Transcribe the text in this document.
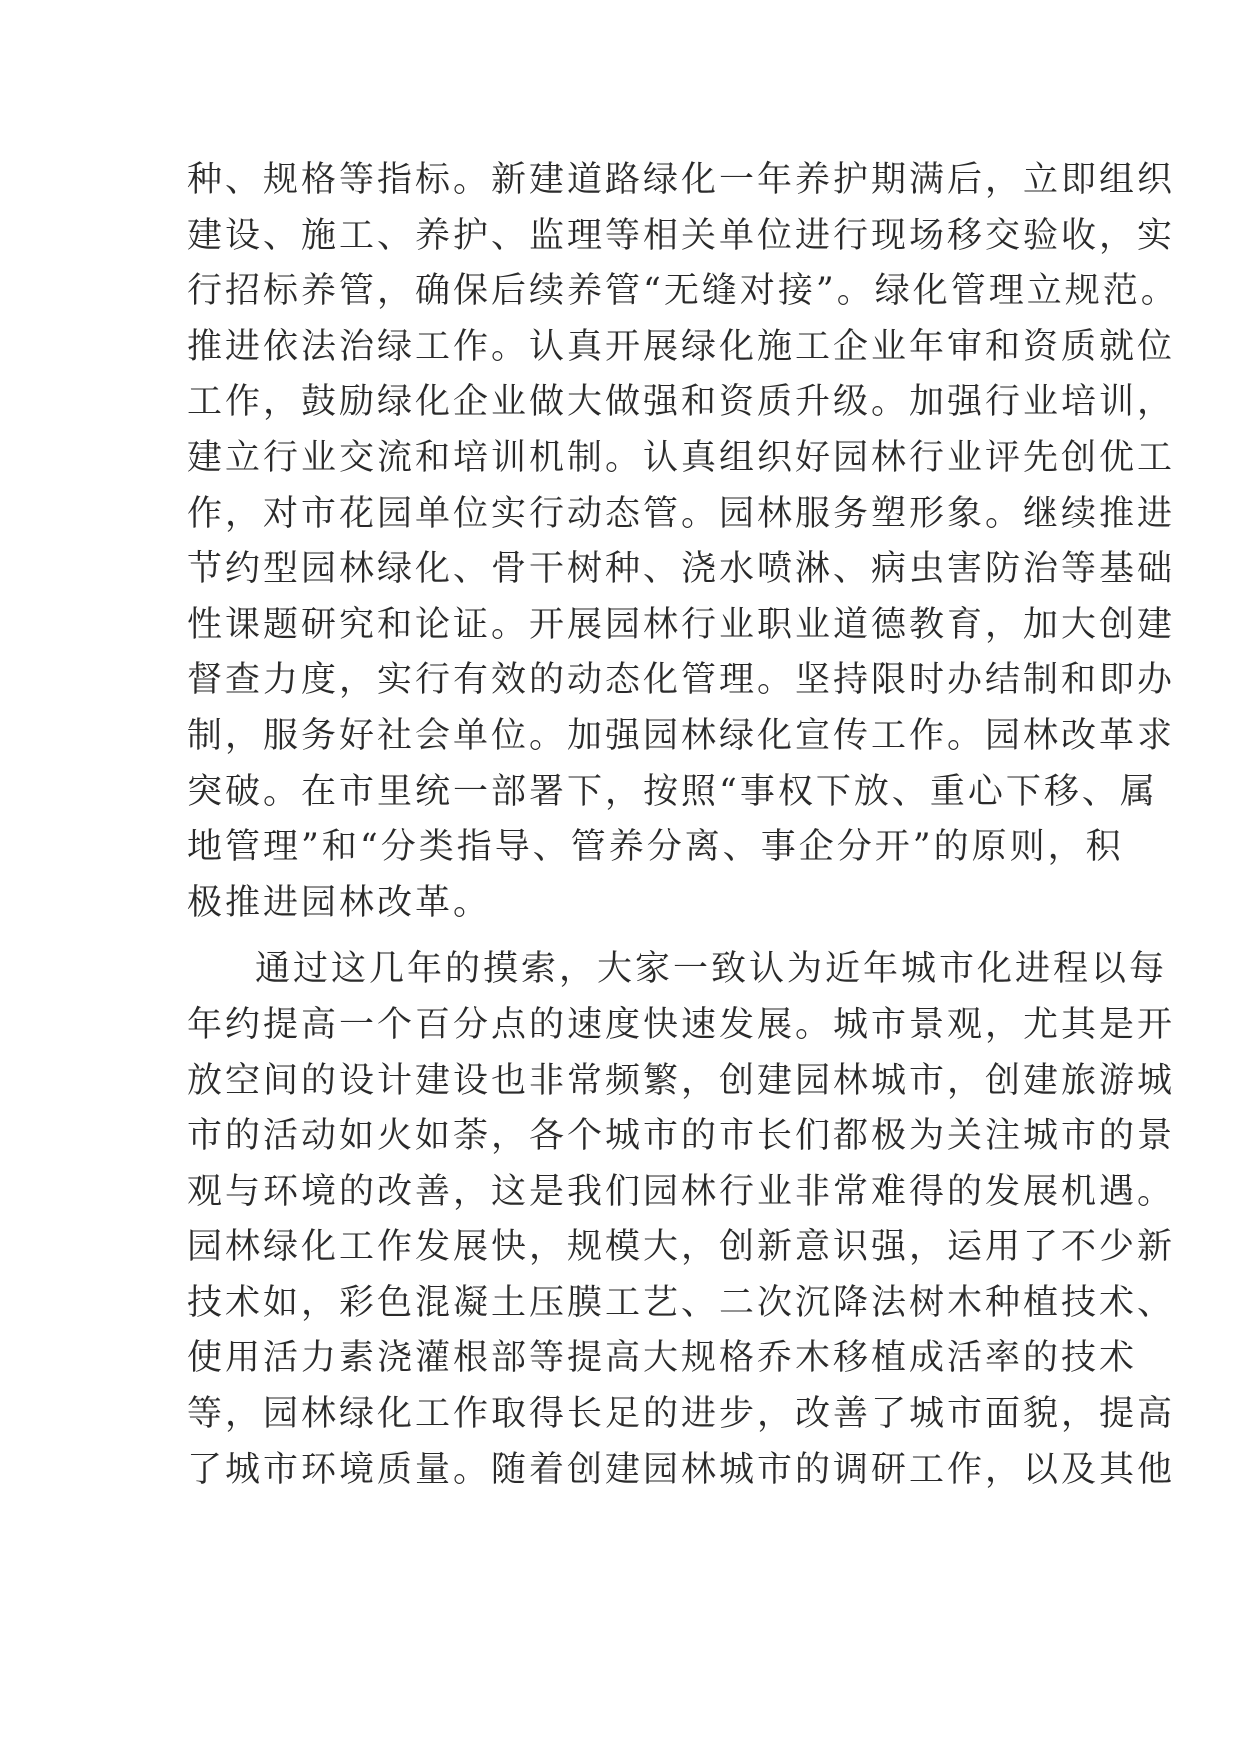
种、规格等指标。新建道路绿化一年养护期满后，立即组织
建设、施工、养护、监理等相关单位进行现场移交验收，实
行招标养管，确保后续养管“无缝对接”。绿化管理立规范。
推进依法治绿工作。认真开展绿化施工企业年审和资质就位
工作，鼓励绿化企业做大做强和资质升级。加强行业培训，
建立行业交流和培训机制。认真组织好园林行业评先创优工
作，对市花园单位实行动态管。园林服务塑形象。继续推进
节约型园林绿化、骨干树种、浇水喷淋、病虫害防治等基础
性课题研究和论证。开展园林行业职业道德教育，加大创建
督查力度，实行有效的动态化管理。坚持限时办结制和即办
制，服务好社会单位。加强园林绿化宣传工作。园林改革求
突破。在市里统一部署下，按照“事权下放、重心下移、属
地管理”和“分类指导、管养分离、事企分开”的原则，积
极推进园林改革。
通过这几年的摸索，大家一致认为近年城市化进程以每
年约提高一个百分点的速度快速发展。城市景观，尤其是开
放空间的设计建设也非常频繁，创建园林城市，创建旅游城
市的活动如火如荼，各个城市的市长们都极为关注城市的景
观与环境的改善，这是我们园林行业非常难得的发展机遇。
园林绿化工作发展快，规模大，创新意识强，运用了不少新
技术如，彩色混凝土压膜工艺、二次沉降法树木种植技术、
使用活力素浇灌根部等提高大规格乔木移植成活率的技术
等，园林绿化工作取得长足的进步，改善了城市面貌，提高
了城市环境质量。随着创建园林城市的调研工作，以及其他
